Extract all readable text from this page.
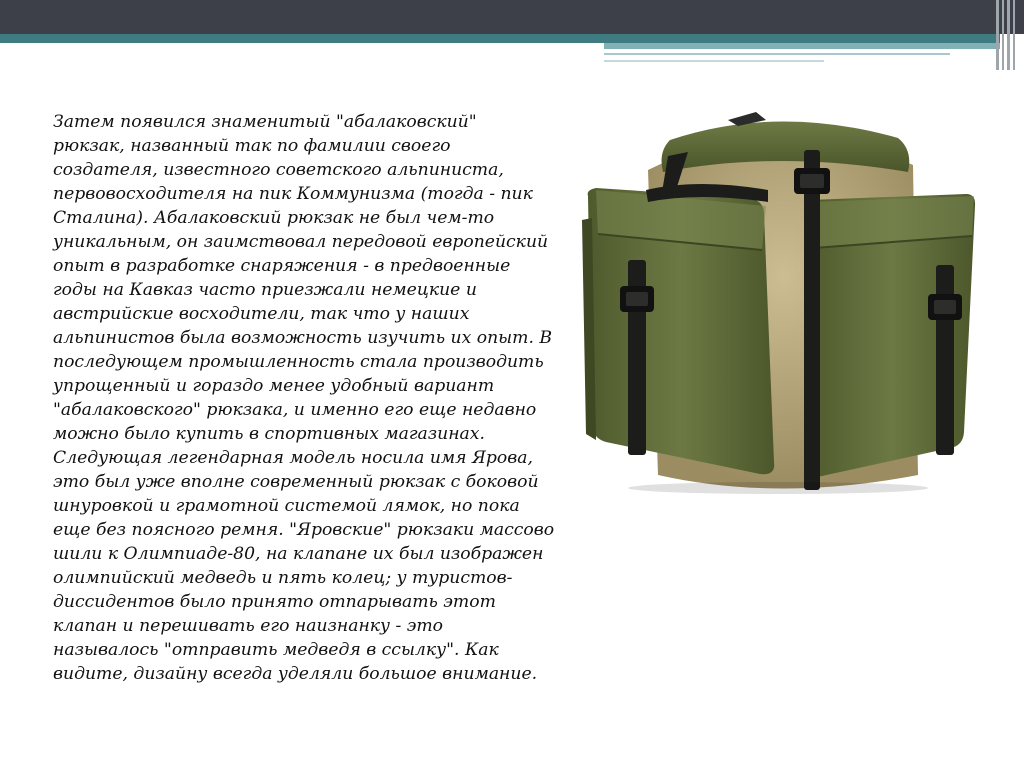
Затем появился знаменитый "абалаковский"
рюкзак, названный так по фамилии своего
создателя, известного советского альпиниста,
первовосходителя на пик Коммунизма (тогда - пик
Сталина). Абалаковский рюкзак не был чем-то
уникальным, он заимствовал передовой европейский
опыт в разработке снаряжения - в предвоенные
годы на Кавказ часто приезжали немецкие и
австрийские восходители, так что у наших
альпинистов была возможность изучить их опыт. В
последующем промышленность стала производить
упрощенный и гораздо менее удобный вариант
"абалаковского" рюкзака, и именно его еще недавно
можно было купить в спортивных магазинах.
Следующая легендарная модель носила имя Ярова,
это был уже вполне современный рюкзак с боковой
шнуровкой и грамотной системой лямок, но пока
еще без поясного ремня. "Яровские" рюкзаки массово
шили к Олимпиаде-80, на клапане их был изображен
олимпийский медведь и пять колец; у туристов-
диссидентов было принято отпарывать этот
клапан и перешивать его наизнанку - это
называлось "отправить медведя в ссылку". Как
видите, дизайну всегда уделяли большое внимание.
